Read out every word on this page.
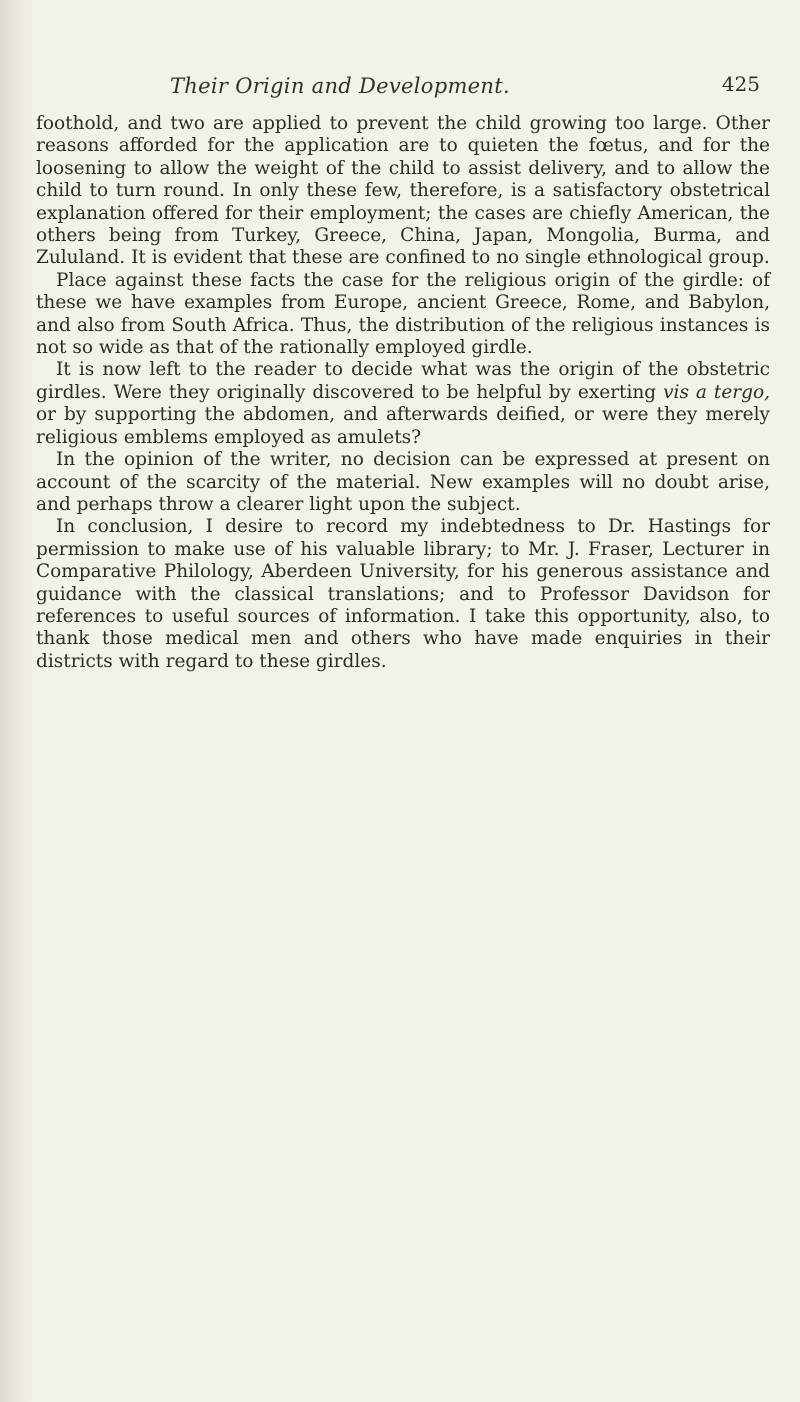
Their Origin and Development.	425

foothold, and two are applied to prevent the child growing too large. Other reasons afforded for the application are to quieten the fœtus, and for the loosening to allow the weight of the child to assist delivery, and to allow the child to turn round. In only these few, therefore, is a satisfactory obstetrical explanation offered for their employment; the cases are chiefly American, the others being from Turkey, Greece, China, Japan, Mongolia, Burma, and Zululand. It is evident that these are confined to no single ethnological group.

Place against these facts the case for the religious origin of the girdle: of these we have examples from Europe, ancient Greece, Rome, and Babylon, and also from South Africa. Thus, the distribution of the religious instances is not so wide as that of the rationally employed girdle.

It is now left to the reader to decide what was the origin of the obstetric girdles. Were they originally discovered to be helpful by exerting vis a tergo, or by supporting the abdomen, and afterwards deified, or were they merely religious emblems employed as amulets?

In the opinion of the writer, no decision can be expressed at present on account of the scarcity of the material. New examples will no doubt arise, and perhaps throw a clearer light upon the subject.

In conclusion, I desire to record my indebtedness to Dr. Hastings for permission to make use of his valuable library; to Mr. J. Fraser, Lecturer in Comparative Philology, Aberdeen University, for his generous assistance and guidance with the classical translations; and to Professor Davidson for references to useful sources of information. I take this opportunity, also, to thank those medical men and others who have made enquiries in their districts with regard to these girdles.
